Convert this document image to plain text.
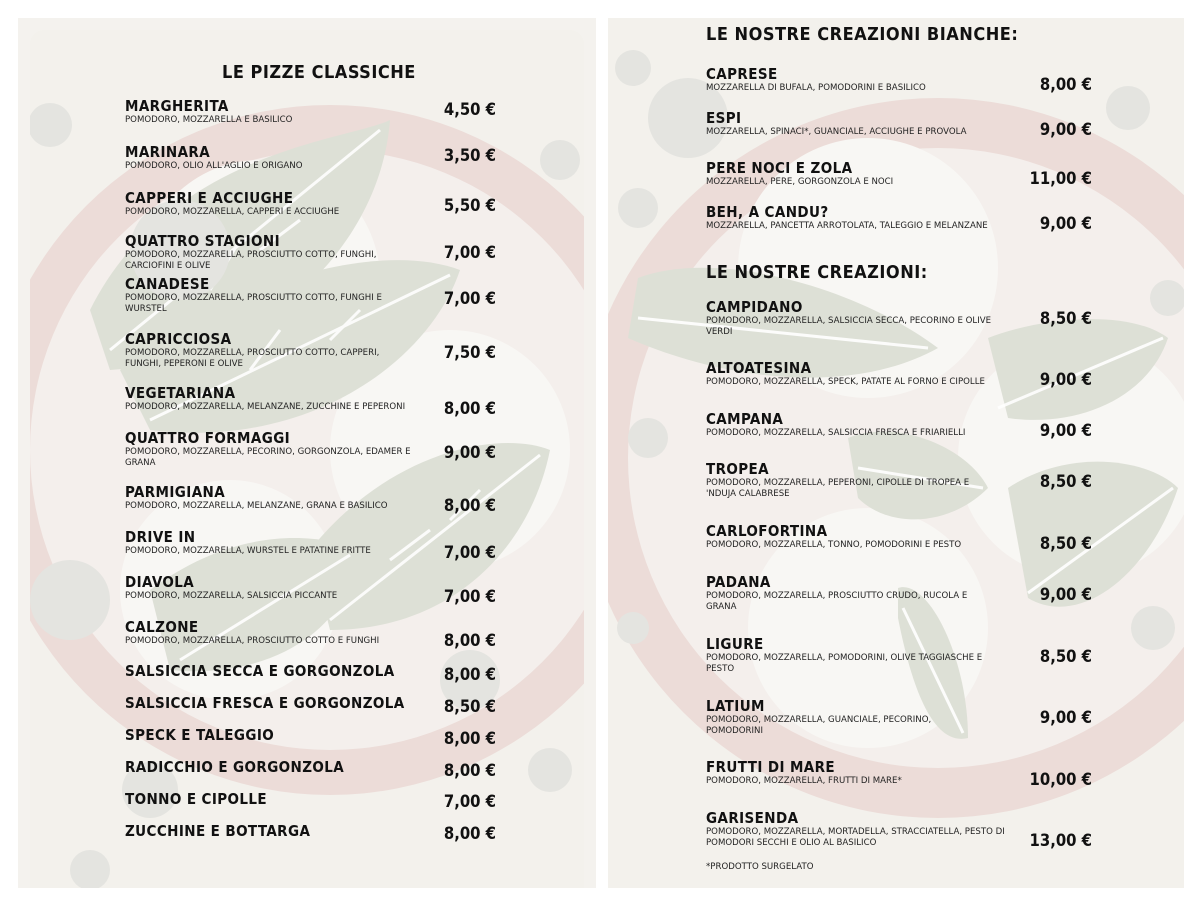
LE PIZZE CLASSICHE
MARGHERITA
POMODORO, MOZZARELLA E BASILICO
4,50 €
MARINARA
POMODORO, OLIO ALL'AGLIO E ORIGANO
3,50 €
CAPPERI E ACCIUGHE
POMODORO, MOZZARELLA, CAPPERI E ACCIUGHE	5,50 €
QUATTRO STAGIONI
POMODORO, MOZZARELLA, PROSCIUTTO COTTO, FUNGHI, CARCIOFINI E OLIVE
7,00 €
CANADESE
POMODORO, MOZZARELLA, PROSCIUTTO COTTO, FUNGHI E WURSTEL
7,00 €
CAPRICCIOSA
POMODORO, MOZZARELLA, PROSCIUTTO COTTO, CAPPERI, FUNGHI, PEPERONI E OLIVE
7,50 €
VEGETARIANA
POMODORO, MOZZARELLA, MELANZANE, ZUCCHINE E PEPERONI	8,00 €
QUATTRO FORMAGGI
POMODORO, MOZZARELLA, PECORINO, GORGONZOLA, EDAMER E GRANA
9,00 €
PARMIGIANA
POMODORO, MOZZARELLA, MELANZANE, GRANA E BASILICO	8,00 €
DRIVE IN
POMODORO, MOZZARELLA, WURSTEL E PATATINE FRITTE	7,00 €
DIAVOLA
POMODORO, MOZZARELLA, SALSICCIA PICCANTE	7,00 €
CALZONE
POMODORO, MOZZARELLA, PROSCIUTTO COTTO E FUNGHI	8,00 €
SALSICCIA SECCA E GORGONZOLA	8,00 €
SALSICCIA FRESCA E GORGONZOLA	8,50 €
SPECK E TALEGGIO	8,00 €
RADICCHIO E GORGONZOLA	8,00 €
TONNO E CIPOLLE	7,00 €
ZUCCHINE E BOTTARGA	8,00 €
LE NOSTRE CREAZIONI BIANCHE:
CAPRESE
MOZZARELLA DI BUFALA, POMODORINI E BASILICO	8,00 €
ESPI
MOZZARELLA, SPINACI*, GUANCIALE, ACCIUGHE E PROVOLA	9,00 €
PERE NOCI E ZOLA
MOZZARELLA, PERE, GORGONZOLA E NOCI	11,00 €
BEH, A CANDU?
MOZZARELLA, PANCETTA ARROTOLATA, TALEGGIO E MELANZANE	9,00 €
LE NOSTRE CREAZIONI:
CAMPIDANO
POMODORO, MOZZARELLA, SALSICCIA SECCA, PECORINO E OLIVE VERDI
8,50 €
ALTOATESINA
POMODORO, MOZZARELLA, SPECK, PATATE AL FORNO E CIPOLLE	9,00 €
CAMPANA
POMODORO, MOZZARELLA, SALSICCIA FRESCA E FRIARIELLI	9,00 €
TROPEA
POMODORO, MOZZARELLA, PEPERONI, CIPOLLE DI TROPEA E 'NDUJA CALABRESE
8,50 €
CARLOFORTINA
POMODORO, MOZZARELLA, TONNO, POMODORINI E PESTO	8,50 €
PADANA
POMODORO, MOZZARELLA, PROSCIUTTO CRUDO, RUCOLA E GRANA
9,00 €
LIGURE
POMODORO, MOZZARELLA, POMODORINI, OLIVE TAGGIASCHE E PESTO
8,50 €
LATIUM
POMODORO, MOZZARELLA, GUANCIALE, PECORINO, POMODORINI
9,00 €
FRUTTI DI MARE
POMODORO, MOZZARELLA, FRUTTI DI MARE*	10,00 €
GARISENDA
POMODORO, MOZZARELLA, MORTADELLA, STRACCIATELLA, PESTO DI POMODORI SECCHI E OLIO AL BASILICO	13,00 €
*PRODOTTO SURGELATO
